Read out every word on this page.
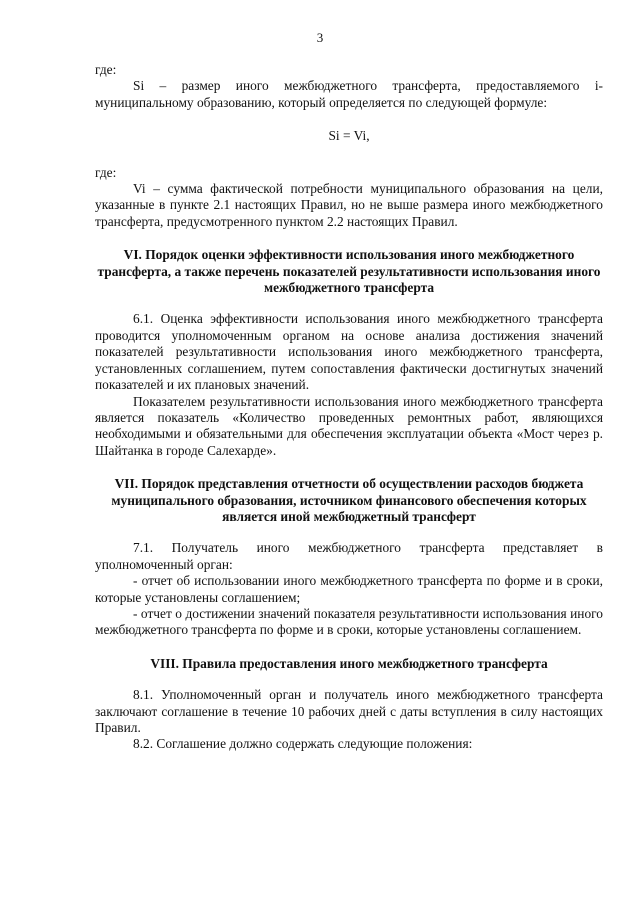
3

где:

Si – размер иного межбюджетного трансферта, предоставляемого i-муниципальному образованию, который определяется по следующей формуле:

Si = Vi,

где:

Vi – сумма фактической потребности муниципального образования на цели, указанные в пункте 2.1 настоящих Правил, но не выше размера иного межбюджетного трансферта, предусмотренного пунктом 2.2 настоящих Правил.

VI. Порядок оценки эффективности использования иного межбюджетного трансферта, а также перечень показателей результативности использования иного межбюджетного трансферта

6.1. Оценка эффективности использования иного межбюджетного трансферта проводится уполномоченным органом на основе анализа достижения значений показателей результативности использования иного межбюджетного трансферта, установленных соглашением, путем сопоставления фактически достигнутых значений показателей и их плановых значений.

Показателем результативности использования иного межбюджетного трансферта является показатель «Количество проведенных ремонтных работ, являющихся необходимыми и обязательными для обеспечения эксплуатации объекта «Мост через р. Шайтанка в городе Салехарде».

VII. Порядок представления отчетности об осуществлении расходов бюджета муниципального образования, источником финансового обеспечения которых является иной межбюджетный трансферт

7.1. Получатель иного межбюджетного трансферта представляет в уполномоченный орган:

- отчет об использовании иного межбюджетного трансферта по форме и в сроки, которые установлены соглашением;

- отчет о достижении значений показателя результативности использования иного межбюджетного трансферта по форме и в сроки, которые установлены соглашением.

VIII. Правила предоставления иного межбюджетного трансферта

8.1. Уполномоченный орган и получатель иного межбюджетного трансферта заключают соглашение в течение 10 рабочих дней с даты вступления в силу настоящих Правил.

8.2. Соглашение должно содержать следующие положения:
